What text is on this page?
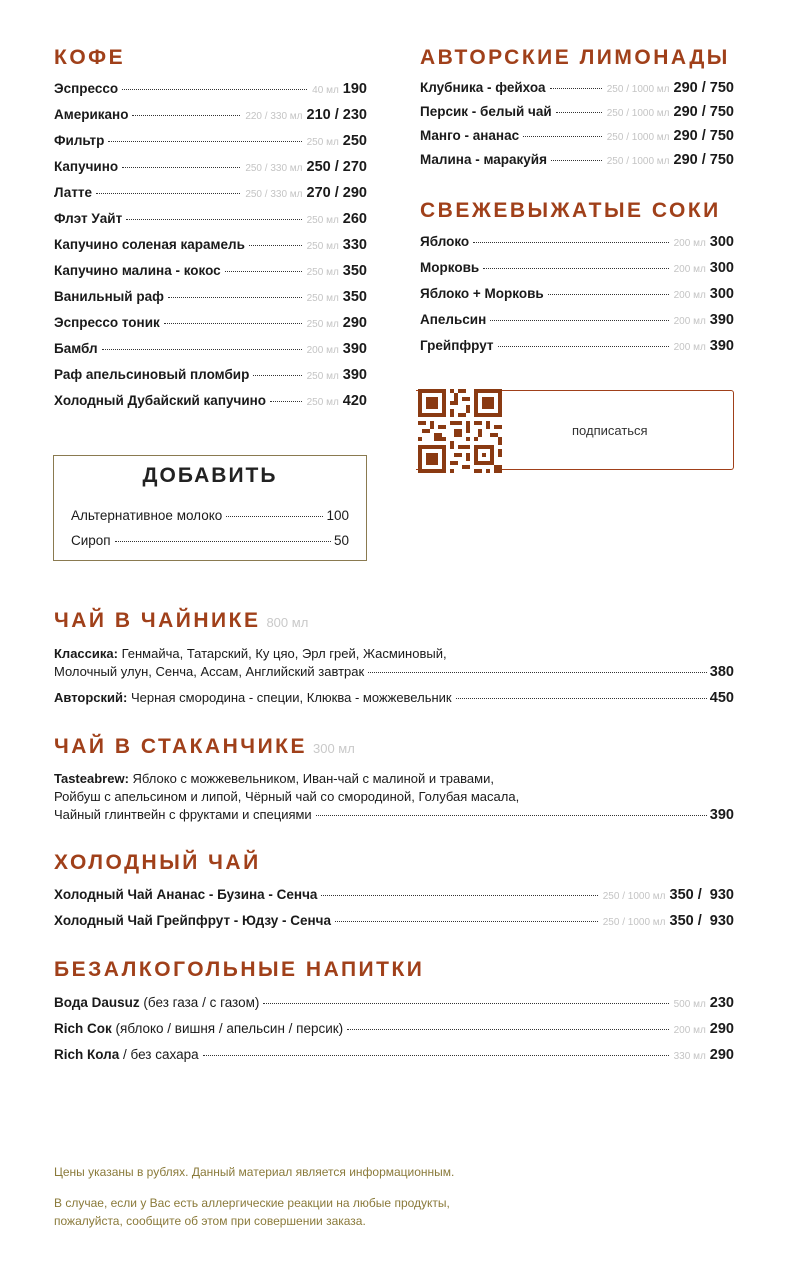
КОФЕ
Эспрессо	40 мл 190
Американо	220 / 330 мл 210 / 230
Фильтр	250 мл 250
Капучино	250 / 330 мл 250 / 270
Латте	250 / 330 мл 270 / 290
Флэт Уайт	250 мл 260
Капучино соленая карамель	250 мл 330
Капучино малина - кокос	250 мл 350
Ванильный раф	250 мл 350
Эспрессо тоник	250 мл 290
Бамбл	200 мл 390
Раф апельсиновый пломбир	250 мл 390
Холодный Дубайский капучино	250 мл 420
ДОБАВИТЬ
Альтернативное молоко	100
Сироп	50
АВТОРСКИЕ ЛИМОНАДЫ
Клубника - фейхоа	250 / 1000 мл 290 / 750
Персик - белый чай	250 / 1000 мл 290 / 750
Манго - ананас	250 / 1000 мл 290 / 750
Малина - маракуйя	250 / 1000 мл 290 / 750
СВЕЖЕВЫЖАТЫЕ СОКИ
Яблоко	200 мл 300
Морковь	200 мл 300
Яблоко + Морковь	200 мл 300
Апельсин	200 мл 390
Грейпфрут	200 мл 390
подписаться
ЧАЙ В ЧАЙНИКЕ 800 мл
Классика: Генмайча, Татарский, Ку цяо, Эрл грей, Жасминовый,
Молочный улун, Сенча, Ассам, Английский завтрак	380
Авторский:
Черная смородина - специи, Клюква - можжевельник	450
ЧАЙ В СТАКАНЧИКЕ 300 мл
Tasteabrew: Яблоко с можжевельником, Иван-чай с малиной и травами,
Ройбуш с апельсином и липой, Чёрный чай со смородиной, Голубая масала,
Чайный глинтвейн с фруктами и специями	390
ХОЛОДНЫЙ ЧАЙ
Холодный Чай Ананас - Бузина - Сенча	250 / 1000 мл 350 /  930
Холодный Чай Грейпфрут - Юдзу - Сенча	250 / 1000 мл 350 /  930
БЕЗАЛКОГОЛЬНЫЕ НАПИТКИ
Вода Dausuz (без газа / с газом)	500 мл 230
Rich Сок (яблоко / вишня / апельсин / персик)	200 мл 290
Rich Кола / без сахара	330 мл 290
Цены указаны в рублях. Данный материал является информационным.
В случае, если у Вас есть аллергические реакции на любые продукты,
пожалуйста, сообщите об этом при совершении заказа.
